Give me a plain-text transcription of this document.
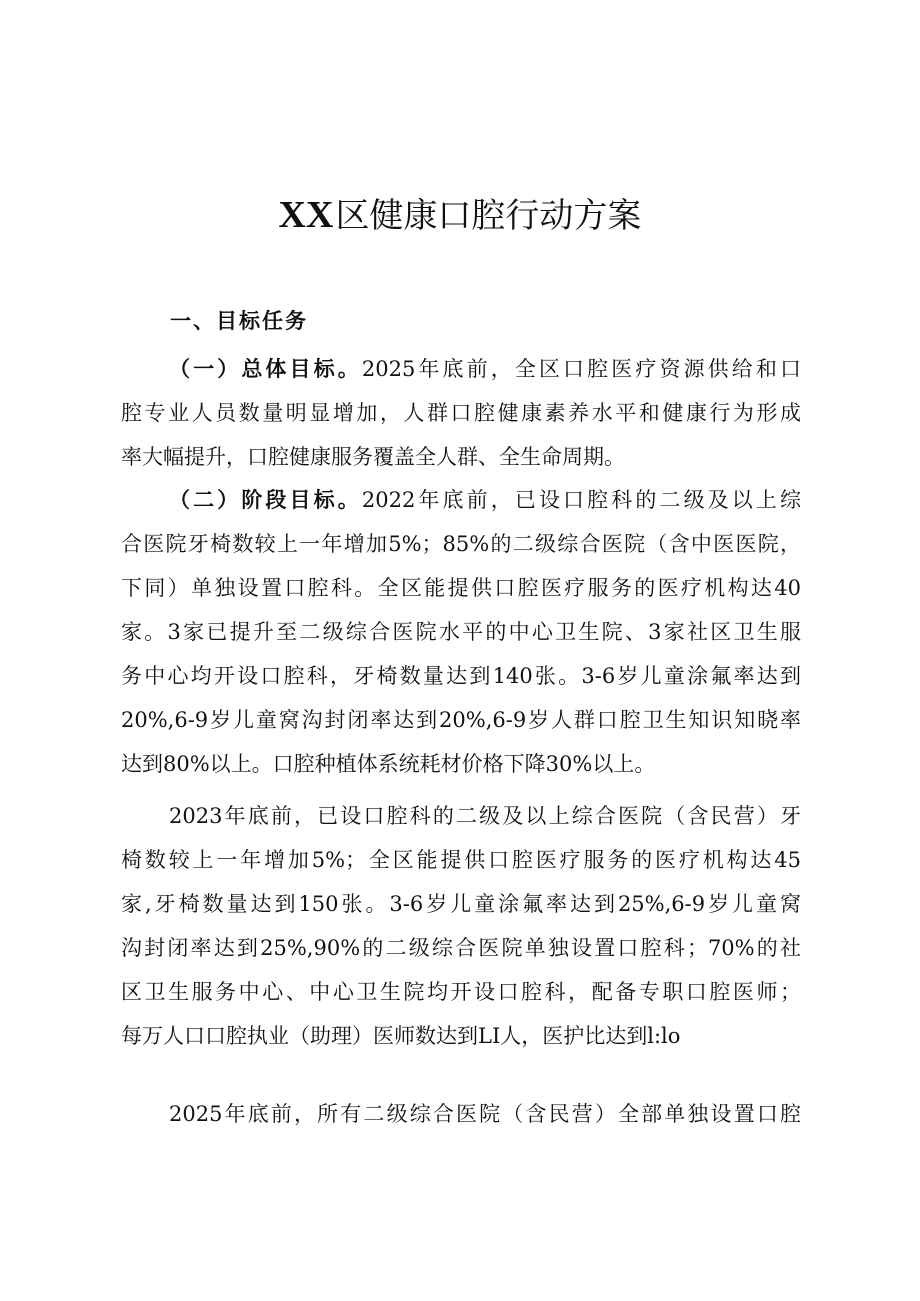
XX区健康口腔行动方案
一、目标任务
（一）总体目标。2025年底前，全区口腔医疗资源供给和口
腔专业人员数量明显增加，人群口腔健康素养水平和健康行为形成
率大幅提升，口腔健康服务覆盖全人群、全生命周期。
（二）阶段目标。2022年底前，已设口腔科的二级及以上综
合医院牙椅数较上一年增加5%；85%的二级综合医院（含中医医院，
下同）单独设置口腔科。全区能提供口腔医疗服务的医疗机构达40
家。3家已提升至二级综合医院水平的中心卫生院、3家社区卫生服
务中心均开设口腔科，牙椅数量达到140张。3-6岁儿童涂氟率达到
20%,6-9岁儿童窝沟封闭率达到20%,6-9岁人群口腔卫生知识知晓率
达到80%以上。口腔种植体系统耗材价格下降30%以上。
2023年底前，已设口腔科的二级及以上综合医院（含民营）牙
椅数较上一年增加5%；全区能提供口腔医疗服务的医疗机构达45
家,牙椅数量达到150张。3-6岁儿童涂氟率达到25%,6-9岁儿童窝
沟封闭率达到25%,90%的二级综合医院单独设置口腔科；70%的社
区卫生服务中心、中心卫生院均开设口腔科，配备专职口腔医师；
每万人口口腔执业（助理）医师数达到LI人，医护比达到l:lo
2025年底前，所有二级综合医院（含民营）全部单独设置口腔
